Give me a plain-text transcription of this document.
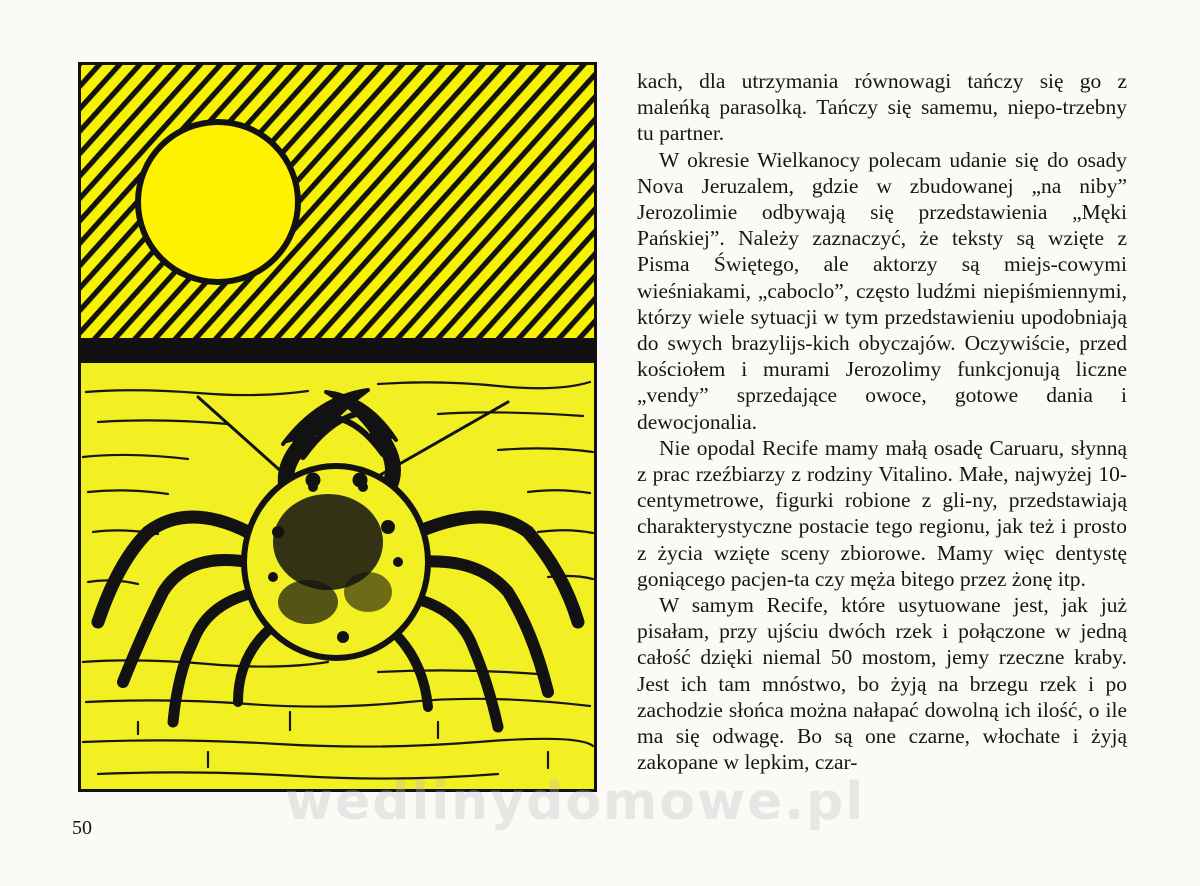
kach, dla utrzymania równowagi tańczy się go z maleńką parasolką. Tańczy się samemu, niepo-trzebny tu partner.

W okresie Wielkanocy polecam udanie się do osady Nova Jeruzalem, gdzie w zbudowanej „na niby” Jerozolimie odbywają się przedstawienia „Męki Pańskiej”. Należy zaznaczyć, że teksty są wzięte z Pisma Świętego, ale aktorzy są miejs-cowymi wieśniakami, „caboclo”, często ludźmi niepiśmiennymi, którzy wiele sytuacji w tym przedstawieniu upodobniają do swych brazylijs-kich obyczajów. Oczywiście, przed kościołem i murami Jerozolimy funkcjonują liczne „vendy” sprzedające owoce, gotowe dania i dewocjonalia.

Nie opodal Recife mamy małą osadę Caruaru, słynną z prac rzeźbiarzy z rodziny Vitalino. Małe, najwyżej 10-centymetrowe, figurki robione z gli-ny, przedstawiają charakterystyczne postacie tego regionu, jak też i prosto z życia wzięte sceny zbiorowe. Mamy więc dentystę goniącego pacjen-ta czy męża bitego przez żonę itp.

W samym Recife, które usytuowane jest, jak już pisałam, przy ujściu dwóch rzek i połączone w jedną całość dzięki niemal 50 mostom, jemy rzeczne kraby. Jest ich tam mnóstwo, bo żyją na brzegu rzek i po zachodzie słońca można nałapać dowolną ich ilość, o ile ma się odwagę. Bo są one czarne, włochate i żyją zakopane w lepkim, czar-

50	wedlinydomowe.pl
